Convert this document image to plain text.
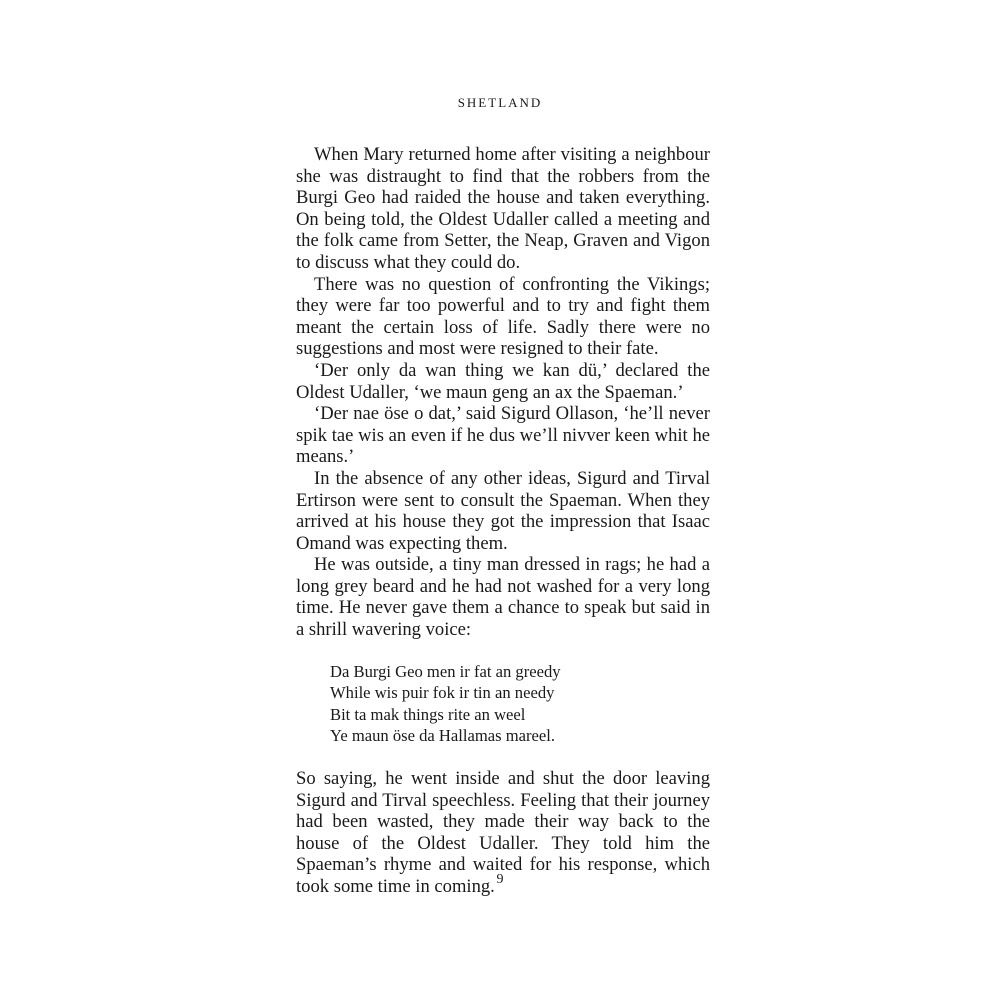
SHETLAND

When Mary returned home after visiting a neighbour she was distraught to find that the robbers from the Burgi Geo had raided the house and taken everything. On being told, the Oldest Udaller called a meeting and the folk came from Setter, the Neap, Graven and Vigon to discuss what they could do.

There was no question of confronting the Vikings; they were far too powerful and to try and fight them meant the certain loss of life. Sadly there were no suggestions and most were resigned to their fate.

‘Der only da wan thing we kan dü,’ declared the Oldest Udaller, ‘we maun geng an ax the Spaeman.’

‘Der nae öse o dat,’ said Sigurd Ollason, ‘he’ll never spik tae wis an even if he dus we’ll nivver keen whit he means.’

In the absence of any other ideas, Sigurd and Tirval Ertirson were sent to consult the Spaeman. When they arrived at his house they got the impression that Isaac Omand was expecting them.

He was outside, a tiny man dressed in rags; he had a long grey beard and he had not washed for a very long time. He never gave them a chance to speak but said in a shrill wavering voice:

Da Burgi Geo men ir fat an greedy
While wis puir fok ir tin an needy
Bit ta mak things rite an weel
Ye maun öse da Hallamas mareel.

So saying, he went inside and shut the door leaving Sigurd and Tirval speechless. Feeling that their journey had been wasted, they made their way back to the house of the Oldest Udaller. They told him the Spaeman’s rhyme and waited for his response, which took some time in coming. 9
